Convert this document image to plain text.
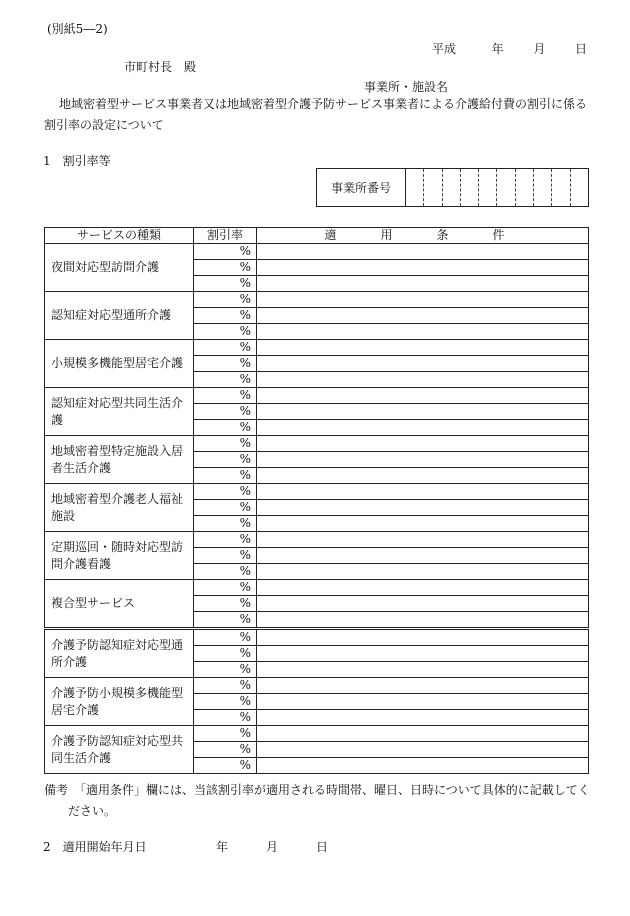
(別紙5―2)
平成	年 月 日
市町村長　殿
事業所・施設名
地域密着型サービス事業者又は地域密着型介護予防サービス事業者による介護給付費の割引に係る割引率の設定について
1　割引率等
事業所番号
サービスの種類	割引率	適　用　条　件
夜間対応型訪問介護	%	
	%	
	%	
認知症対応型通所介護	%	
	%	
	%	
小規模多機能型居宅介護	%	
	%	
	%	
認知症対応型共同生活介護	%	
	%	
	%	
地域密着型特定施設入居者生活介護	%	
	%	
	%	
地域密着型介護老人福祉施設	%	
	%	
	%	
定期巡回・随時対応型訪問介護看護	%	
	%	
	%	
複合型サービス	%	
	%	
	%	
介護予防認知症対応型通所介護	%	
	%	
	%	
介護予防小規模多機能型居宅介護	%	
	%	
	%	
介護予防認知症対応型共同生活介護	%	
	%	
	%	
備考　「適用条件」欄には、当該割引率が適用される時間帯、曜日、日時について具体的に記載してください。
2　適用開始年月日	年	月	日
